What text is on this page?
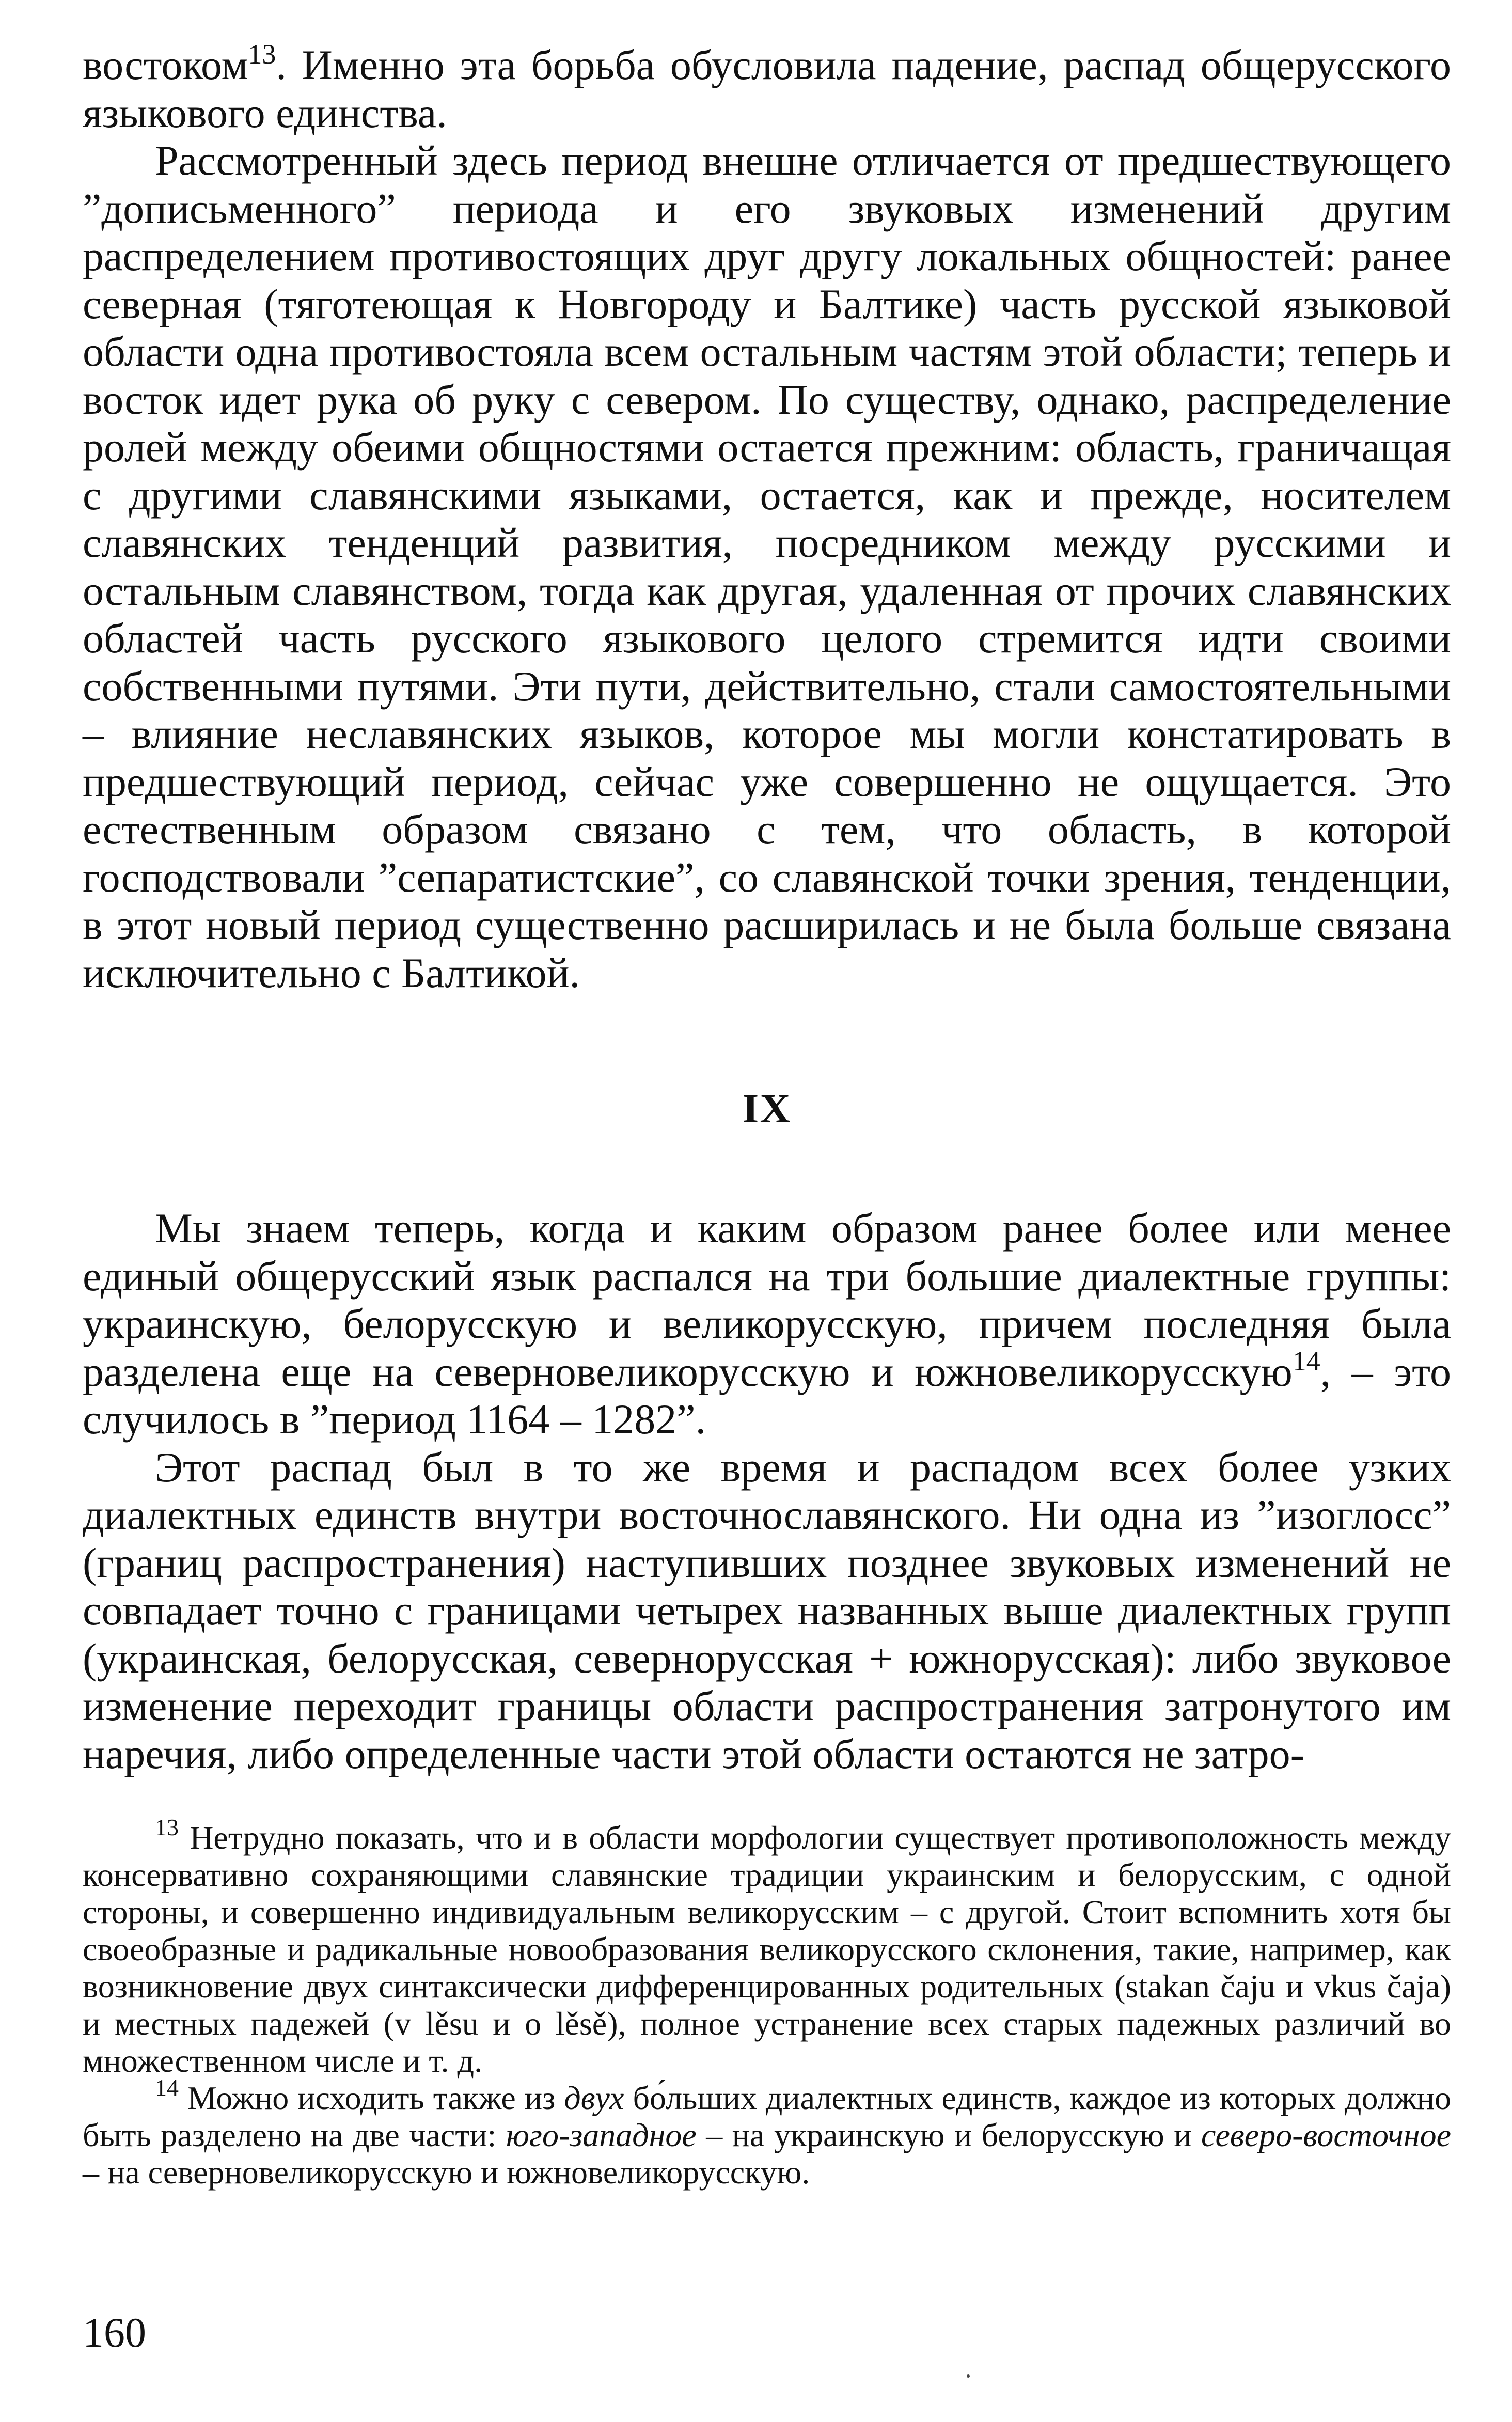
востоком$^{13}$. Именно эта борьба обусловила падение, распад общерусского языкового единства.

Рассмотренный здесь период внешне отличается от предшествующего ”дописьменного” периода и его звуковых изменений другим распределением противостоящих друг другу локальных общностей: ранее северная (тяготеющая к Новгороду и Балтике) часть русской языковой области одна противостояла всем остальным частям этой области; теперь и восток идет рука об руку с севером. По существу, однако, распределение ролей между обеими общностями остается прежним: область, граничащая с другими славянскими языками, остается, как и прежде, носителем славянских тенденций развития, посредником между русскими и остальным славянством, тогда как другая, удаленная от прочих славянских областей часть русского языкового целого стремится идти своими собственными путями. Эти пути, действительно, стали самостоятельными – влияние неславянских языков, которое мы могли констатировать в предшествующий период, сейчас уже совершенно не ощущается. Это естественным образом связано с тем, что область, в которой господствовали ”сепаратистские”, со славянской точки зрения, тенденции, в этот новый период существенно расширилась и не была больше связана исключительно с Балтикой.

IX

Мы знаем теперь, когда и каким образом ранее более или менее единый общерусский язык распался на три большие диалектные группы: украинскую, белорусскую и великорусскую, причем последняя была разделена еще на северновеликорусскую и южновеликорусскую$^{14}$, – это случилось в ”период 1164 – 1282”.

Этот распад был в то же время и распадом всех более узких диалектных единств внутри восточнославянского. Ни одна из ”изоглосс” (границ распространения) наступивших позднее звуковых изменений не совпадает точно с границами четырех названных выше диалектных групп (украинская, белорусская, севернорусская + южнорусская): либо звуковое изменение переходит границы области распространения затронутого им наречия, либо определенные части этой области остаются не затро-

$^{13}$ Нетрудно показать, что и в области морфологии существует противоположность между консервативно сохраняющими славянские традиции украинским и белорусским, с одной стороны, и совершенно индивидуальным великорусским – с другой. Стоит вспомнить хотя бы своеобразные и радикальные новообразования великорусского склонения, такие, например, как возникновение двух синтаксически дифференцированных родительных (stakan čaju и vkus čaja) и местных падежей (v lěsu и o lěsě), полное устранение всех старых падежных различий во множественном числе и т. д.

$^{14}$ Можно исходить также из двух бо́льших диалектных единств, каждое из которых должно быть разделено на две части: юго-западное – на украинскую и белорусскую и северо-восточное – на северновеликорусскую и южновеликорусскую.

160
